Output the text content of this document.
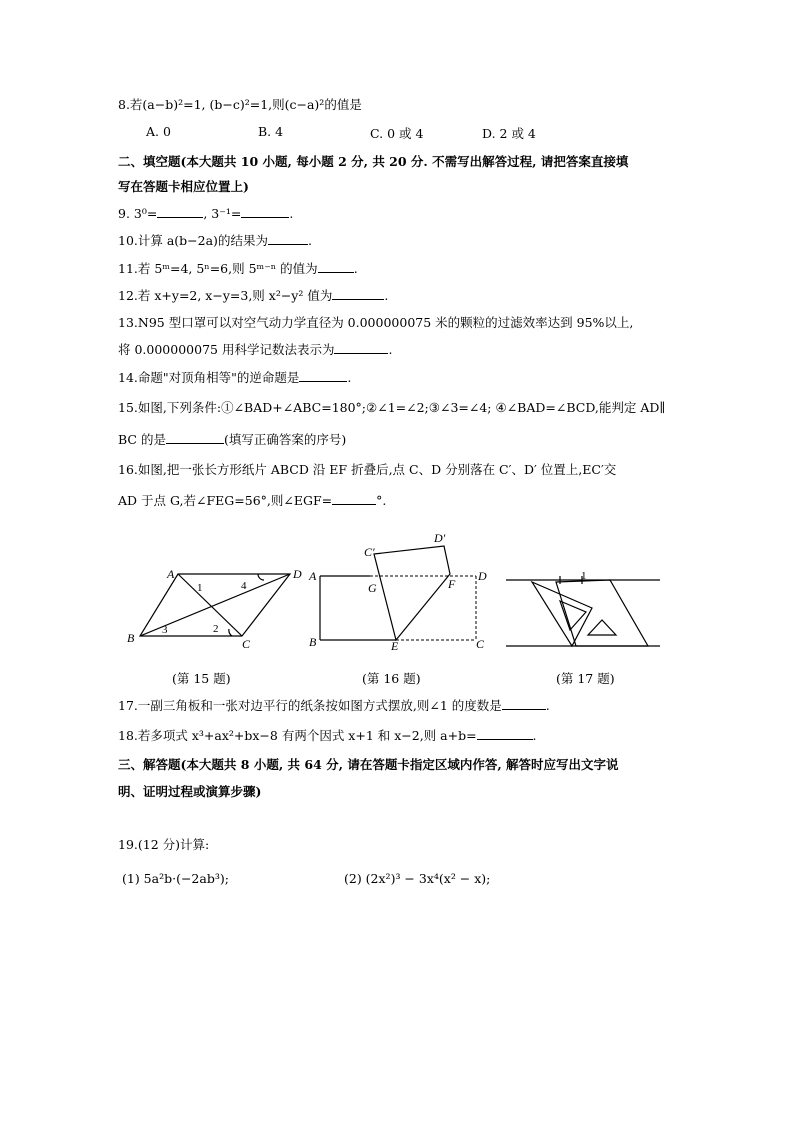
8.若(a−b)²=1, (b−c)²=1,则(c−a)²的值是
A. 0	B. 4	C. 0 或 4	D. 2 或 4
二、填空题(本大题共 10 小题, 每小题 2 分, 共 20 分. 不需写出解答过程, 请把答案直接填
写在答题卡相应位置上)
9. 3⁰=	, 3⁻¹=	.
10.计算 a(b−2a)的结果为	.
11.若 5ᵐ=4, 5ⁿ=6,则 5ᵐ⁻ⁿ 的值为	.
12.若 x+y=2, x−y=3,则 x²−y² 值为	.
13.N95 型口罩可以对空气动力学直径为 0.000000075 米的颗粒的过滤效率达到 95%以上,
将 0.000000075 用科学记数法表示为	.
14.命题"对顶角相等"的逆命题是	.
15.如图,下列条件:①∠BAD+∠ABC=180°;②∠1=∠2;③∠3=∠4; ④∠BAD=∠BCD,能判定 AD∥
BC 的是	(填写正确答案的序号)
16.如图,把一张长方形纸片 ABCD 沿 EF 折叠后,点 C、D 分别落在 C′、D′ 位置上,EC′交
AD 于点 G,若∠FEG=56°,则∠EGF=	°.
A	D
B	C
1	4
3	2
(第 15 题)
A
B
D
C
E
F
G
C′
D′
(第 16 题)
1
(第 17 题)
17.一副三角板和一张对边平行的纸条按如图方式摆放,则∠1 的度数是	.
18.若多项式 x³+ax²+bx−8 有两个因式 x+1 和 x−2,则 a+b=	.
三、解答题(本大题共 8 小题, 共 64 分, 请在答题卡指定区域内作答, 解答时应写出文字说
明、证明过程或演算步骤)
19.(12 分)计算:
(1) 5a²b·(−2ab³);	(2) (2x²)³ − 3x⁴(x² − x);
